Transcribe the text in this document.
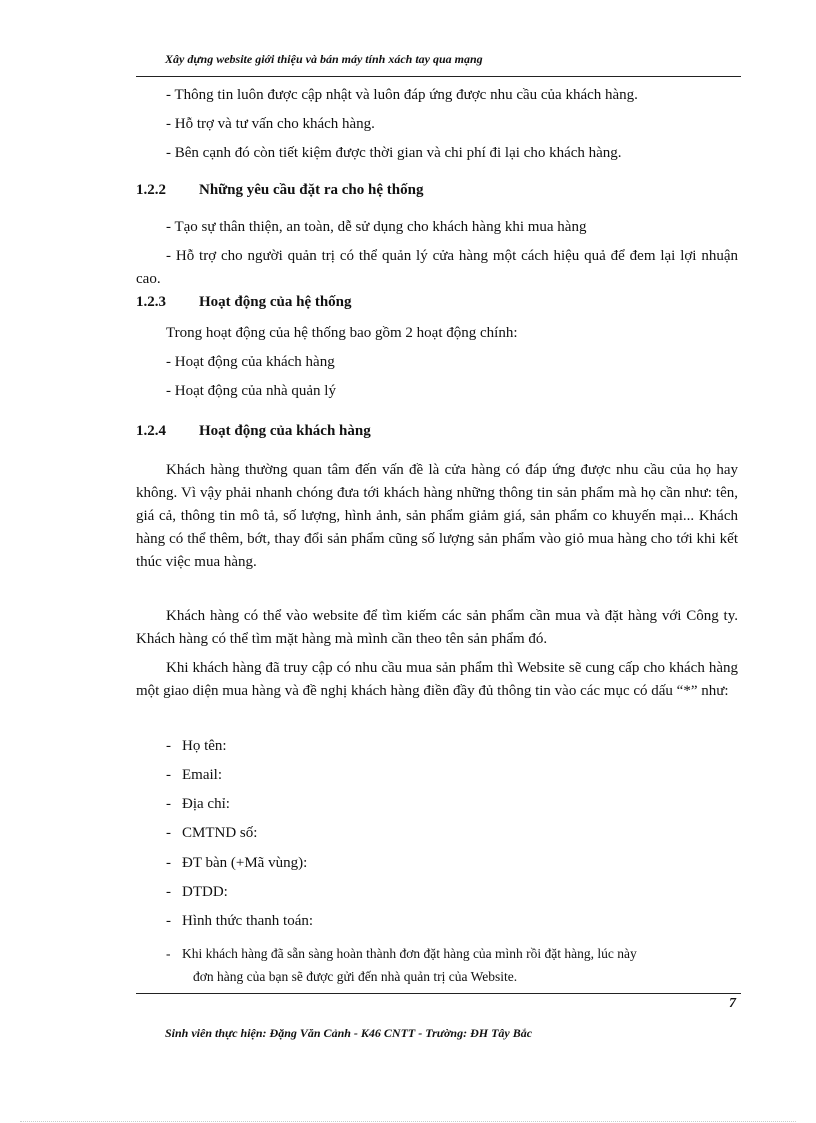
Xây dựng website giới thiệu và bán máy tính xách tay qua mạng
- Thông tin luôn được cập nhật và luôn đáp ứng được nhu cầu của khách hàng.
- Hỗ trợ và tư vấn cho khách hàng.
- Bên cạnh đó còn tiết kiệm được thời gian và chi phí đi lại cho khách hàng.
1.2.2 Những yêu cầu đặt ra cho hệ thống
- Tạo sự thân thiện, an toàn, dễ sử dụng cho khách hàng khi mua hàng
- Hỗ trợ cho người quản trị có thể quản lý cửa hàng một cách hiệu quả để đem lại lợi nhuận cao.
1.2.3 Hoạt động của hệ thống
Trong hoạt động của hệ thống bao gồm 2 hoạt động chính:
- Hoạt động của khách hàng
- Hoạt động của nhà quản lý
1.2.4 Hoạt động của khách hàng
Khách hàng thường quan tâm đến vấn đề là cửa hàng có đáp ứng được nhu cầu của họ hay không. Vì vậy phải nhanh chóng đưa tới khách hàng những thông tin sản phẩm mà họ cần như: tên, giá cả, thông tin mô tả, số lượng, hình ảnh, sản phẩm giảm giá, sản phẩm co khuyến mại... Khách hàng có thể thêm, bớt, thay đổi sản phẩm cũng số lượng sản phẩm vào giỏ mua hàng cho tới khi kết thúc việc mua hàng.
Khách hàng có thể vào website để tìm kiếm các sản phẩm cần mua và đặt hàng với Công ty. Khách hàng có thể tìm mặt hàng mà mình cần theo tên sản phẩm đó.
Khi khách hàng đã truy cập có nhu cầu mua sản phẩm thì Website sẽ cung cấp cho khách hàng một giao diện mua hàng và đề nghị khách hàng điền đầy đủ thông tin vào các mục có dấu “*” như:
- Họ tên:
- Email:
- Địa chỉ:
- CMTND số:
- ĐT bàn (+Mã vùng):
- DTDD:
- Hình thức thanh toán:
- Khi khách hàng đã sẵn sàng hoàn thành đơn đặt hàng của mình rồi đặt hàng, lúc này
đơn hàng của bạn sẽ được gửi đến nhà quản trị của Website.
7
Sinh viên thực hiện: Đặng Văn Cảnh - K46 CNTT - Trường: ĐH Tây Bắc
